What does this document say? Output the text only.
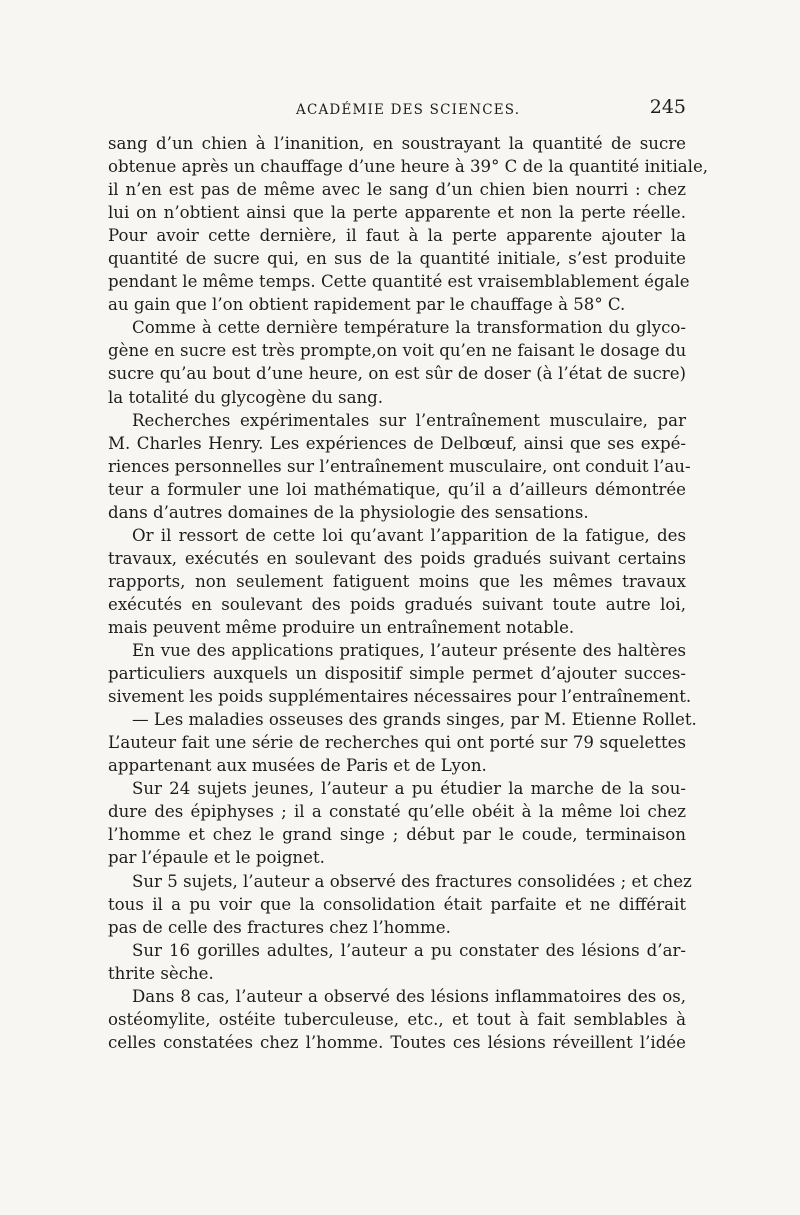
ACADÉMIE DES SCIENCES.	245

sang d’un chien à l’inanition, en soustrayant la quantité de sucre
obtenue après un chauffage d’une heure à 39° C de la quantité initiale,
il n’en est pas de même avec le sang d’un chien bien nourri : chez
lui on n’obtient ainsi que la perte apparente et non la perte réelle.
Pour avoir cette dernière, il faut à la perte apparente ajouter la
quantité de sucre qui, en sus de la quantité initiale, s’est produite
pendant le même temps. Cette quantité est vraisemblablement égale
au gain que l’on obtient rapidement par le chauffage à 58° C.

Comme à cette dernière température la transformation du glyco-
gène en sucre est très prompte,on voit qu’en ne faisant le dosage du
sucre qu’au bout d’une heure, on est sûr de doser (à l’état de sucre)
la totalité du glycogène du sang.

Recherches expérimentales sur l’entraînement musculaire, par
M. Charles Henry. Les expériences de Delbœuf, ainsi que ses expé-
riences personnelles sur l’entraînement musculaire, ont conduit l’au-
teur a formuler une loi mathématique, qu’il a d’ailleurs démontrée
dans d’autres domaines de la physiologie des sensations.

Or il ressort de cette loi qu’avant l’apparition de la fatigue, des
travaux, exécutés en soulevant des poids gradués suivant certains
rapports, non seulement fatiguent moins que les mêmes travaux
exécutés en soulevant des poids gradués suivant toute autre loi,
mais peuvent même produire un entraînement notable.

En vue des applications pratiques, l’auteur présente des haltères
particuliers auxquels un dispositif simple permet d’ajouter succes-
sivement les poids supplémentaires nécessaires pour l’entraînement.

— Les maladies osseuses des grands singes, par M. Etienne Rollet.
L’auteur fait une série de recherches qui ont porté sur 79 squelettes
appartenant aux musées de Paris et de Lyon.

Sur 24 sujets jeunes, l’auteur a pu étudier la marche de la sou-
dure des épiphyses ; il a constaté qu’elle obéit à la même loi chez
l’homme et chez le grand singe ; début par le coude, terminaison
par l’épaule et le poignet.

Sur 5 sujets, l’auteur a observé des fractures consolidées ; et chez
tous il a pu voir que la consolidation était parfaite et ne différait
pas de celle des fractures chez l’homme.

Sur 16 gorilles adultes, l’auteur a pu constater des lésions d’ar-
thrite sèche.

Dans 8 cas, l’auteur a observé des lésions inflammatoires des os,
ostéomylite, ostéite tuberculeuse, etc., et tout à fait semblables à
celles constatées chez l’homme. Toutes ces lésions réveillent l’idée
